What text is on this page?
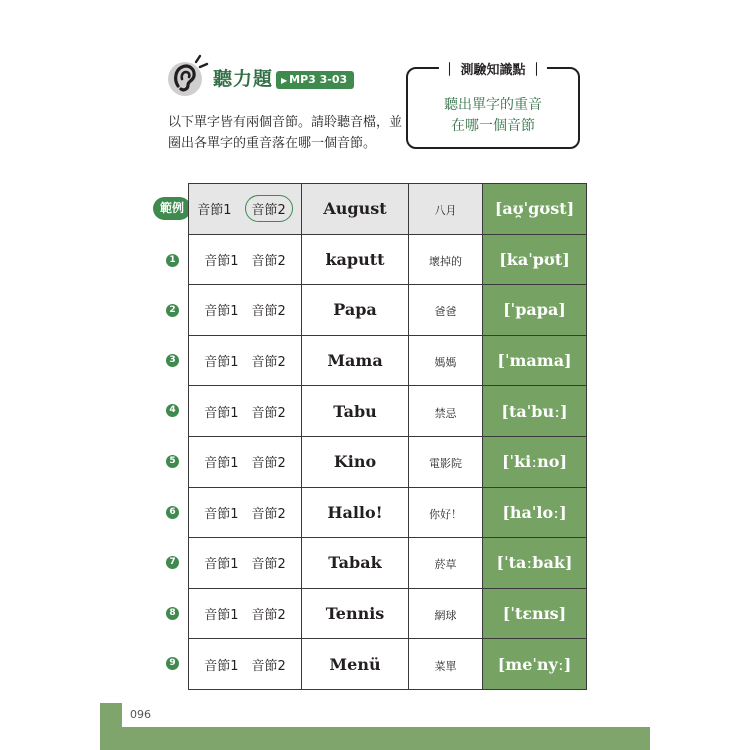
聽力題 ▶ MP3 3-03
以下單字皆有兩個音節。請聆聽音檔，並
圈出各單字的重音落在哪一個音節。
｜ 測驗知識點 ｜
聽出單字的重音
在哪一個音節
範例
1
2
3
4
5
6
7
8
9
音節1 音節2	August	八月	[aʊ̯ˈgʊst]
音節1 音節2	kaputt	壞掉的	[kaˈpʊt]
音節1 音節2	Papa	爸爸	[ˈpapa]
音節1 音節2	Mama	媽媽	[ˈmama]
音節1 音節2	Tabu	禁忌	[taˈbuː]
音節1 音節2	Kino	電影院	[ˈkiːno]
音節1 音節2	Hallo!	你好！	[haˈloː]
音節1 音節2	Tabak	菸草	[ˈtaːbak]
音節1 音節2	Tennis	網球	[ˈtɛnɪs]
音節1 音節2	Menü	菜單	[meˈnyː]
096
